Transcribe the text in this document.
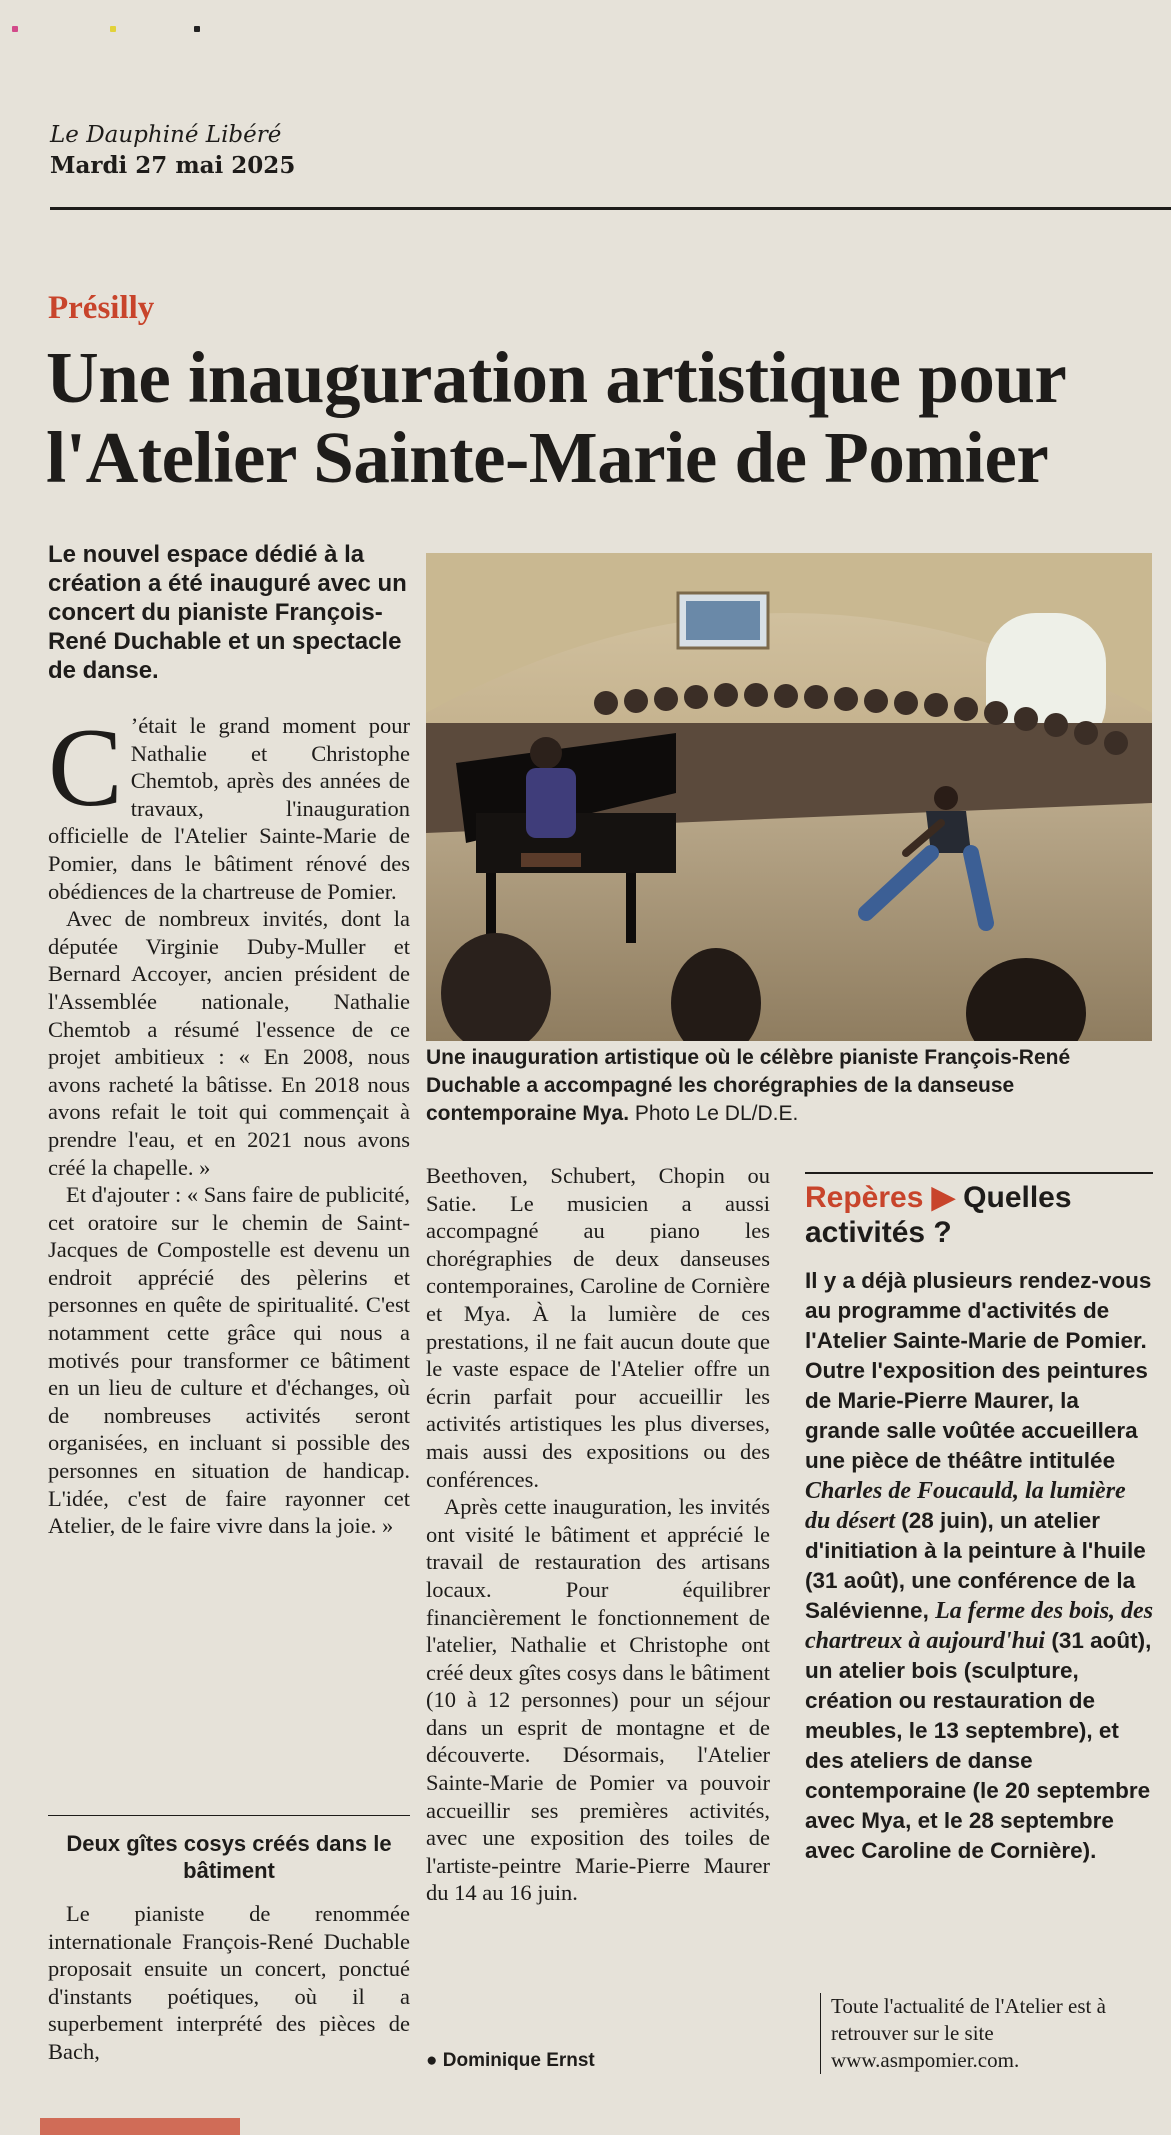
Le Dauphiné Libéré
Mardi 27 mai 2025
Présilly
Une inauguration artistique pour l'Atelier Sainte-Marie de Pomier
Le nouvel espace dédié à la création a été inauguré avec un concert du pianiste François-René Duchable et un spectacle de danse.
Une inauguration artistique où le célèbre pianiste François-René Duchable a accompagné les chorégraphies de la danseuse contemporaine Mya. Photo Le DL/D.E.

C ’était le grand moment pour Nathalie et Christophe Chemtob, après des années de travaux, l'inauguration officielle de l'Atelier Sainte-Marie de Pomier, dans le bâtiment rénové des obédiences de la chartreuse de Pomier.

Avec de nombreux invités, dont la députée Virginie Duby-Muller et Bernard Accoyer, ancien président de l'Assemblée nationale, Nathalie Chemtob a résumé l'essence de ce projet ambitieux : « En 2008, nous avons racheté la bâtisse. En 2018 nous avons refait le toit qui commençait à prendre l'eau, et en 2021 nous avons créé la chapelle. »

Et d'ajouter : « Sans faire de publicité, cet oratoire sur le chemin de Saint-Jacques de Compostelle est devenu un endroit apprécié des pèlerins et personnes en quête de spiritualité. C'est notamment cette grâce qui nous a motivés pour transformer ce bâtiment en un lieu de culture et d'échanges, où de nombreuses activités seront organisées, en incluant si possible des personnes en situation de handicap. L'idée, c'est de faire rayonner cet Atelier, de le faire vivre dans la joie. »

Deux gîtes cosys créés dans le bâtiment

Le pianiste de renommée internationale François-René Duchable proposait ensuite un concert, ponctué d'instants poétiques, où il a superbement interprété des pièces de Bach,

Beethoven, Schubert, Chopin ou Satie. Le musicien a aussi accompagné au piano les chorégraphies de deux danseuses contemporaines, Caroline de Cornière et Mya. À la lumière de ces prestations, il ne fait aucun doute que le vaste espace de l'Atelier offre un écrin parfait pour accueillir les activités artistiques les plus diverses, mais aussi des expositions ou des conférences.

Après cette inauguration, les invités ont visité le bâtiment et apprécié le travail de restauration des artisans locaux. Pour équilibrer financièrement le fonctionnement de l'atelier, Nathalie et Christophe ont créé deux gîtes cosys dans le bâtiment (10 à 12 personnes) pour un séjour dans un esprit de montagne et de découverte. Désormais, l'Atelier Sainte-Marie de Pomier va pouvoir accueillir ses premières activités, avec une exposition des toiles de l'artiste-peintre Marie-Pierre Maurer du 14 au 16 juin.

● Dominique Ernst
Repères ▶ Quelles activités ?
Il y a déjà plusieurs rendez-vous au programme d'activités de l'Atelier Sainte-Marie de Pomier. Outre l'exposition des peintures de Marie-Pierre Maurer, la grande salle voûtée accueillera une pièce de théâtre intitulée Charles de Foucauld, la lumière du désert (28 juin), un atelier d'initiation à la peinture à l'huile (31 août), une conférence de la Salévienne, La ferme des bois, des chartreux à aujourd'hui (31 août), un atelier bois (sculpture, création ou restauration de meubles, le 13 septembre), et des ateliers de danse contemporaine (le 20 septembre avec Mya, et le 28 septembre avec Caroline de Cornière).
Toute l'actualité de l'Atelier est à retrouver sur le site www.asmpomier.com.
